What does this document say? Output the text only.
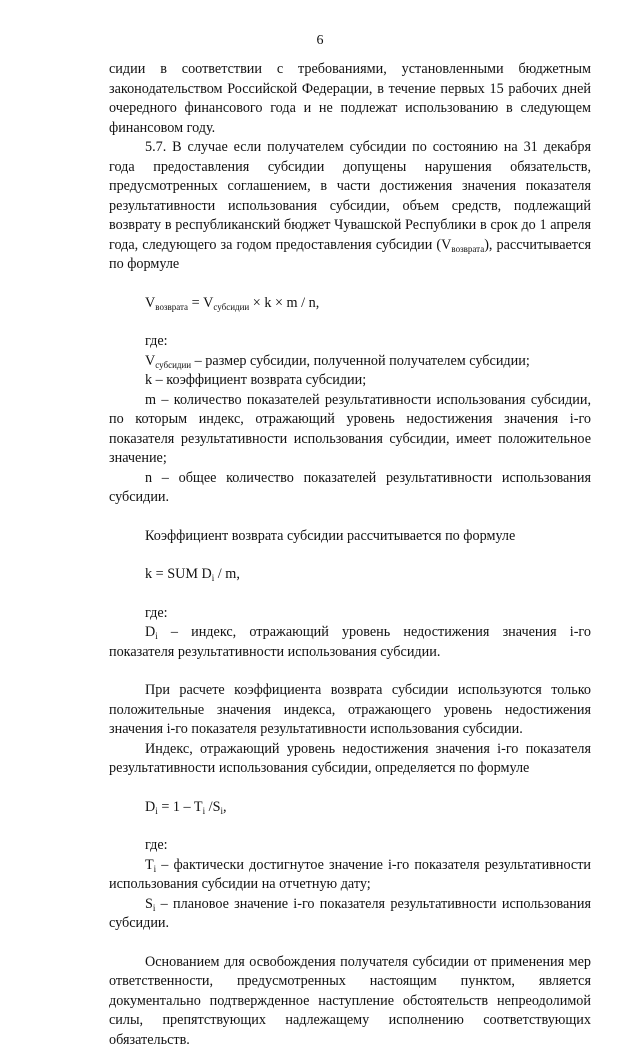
6

сидии в соответствии с требованиями, установленными бюджетным законодательством Российской Федерации, в течение первых 15 рабочих дней очередного финансового года и не подлежат использованию в следующем финансовом году.

5.7. В случае если получателем субсидии по состоянию на 31 декабря года предоставления субсидии допущены нарушения обязательств, предусмотренных соглашением, в части достижения значения показателя результативности использования субсидии, объем средств, подлежащий возврату в республиканский бюджет Чувашской Республики в срок до 1 апреля года, следующего за годом предоставления субсидии $(V_{возврата})$, рассчитывается по формуле

$V_{возврата} = V_{субсидии} \times k \times m / n$,

где:

$V_{субсидии}$ – размер субсидии, полученной получателем субсидии;

k – коэффициент возврата субсидии;

m – количество показателей результативности использования субсидии, по которым индекс, отражающий уровень недостижения значения i-го показателя результативности использования субсидии, имеет положительное значение;

n – общее количество показателей результативности использования субсидии.

Коэффициент возврата субсидии рассчитывается по формуле

k = SUM $D_i$ / m,

где:

$D_i$ – индекс, отражающий уровень недостижения значения i-го показателя результативности использования субсидии.

При расчете коэффициента возврата субсидии используются только положительные значения индекса, отражающего уровень недостижения значения i-го показателя результативности использования субсидии.

Индекс, отражающий уровень недостижения значения i-го показателя результативности использования субсидии, определяется по формуле

$D_i = 1 - T_i$ $/S_i$,

где:

$T_i$ – фактически достигнутое значение i-го показателя результативности использования субсидии на отчетную дату;

$S_i$ – плановое значение i-го показателя результативности использования субсидии.

Основанием для освобождения получателя субсидии от применения мер ответственности, предусмотренных настоящим пунктом, является документально подтвержденное наступление обстоятельств непреодолимой силы, препятствующих надлежащему исполнению соответствующих обязательств.
